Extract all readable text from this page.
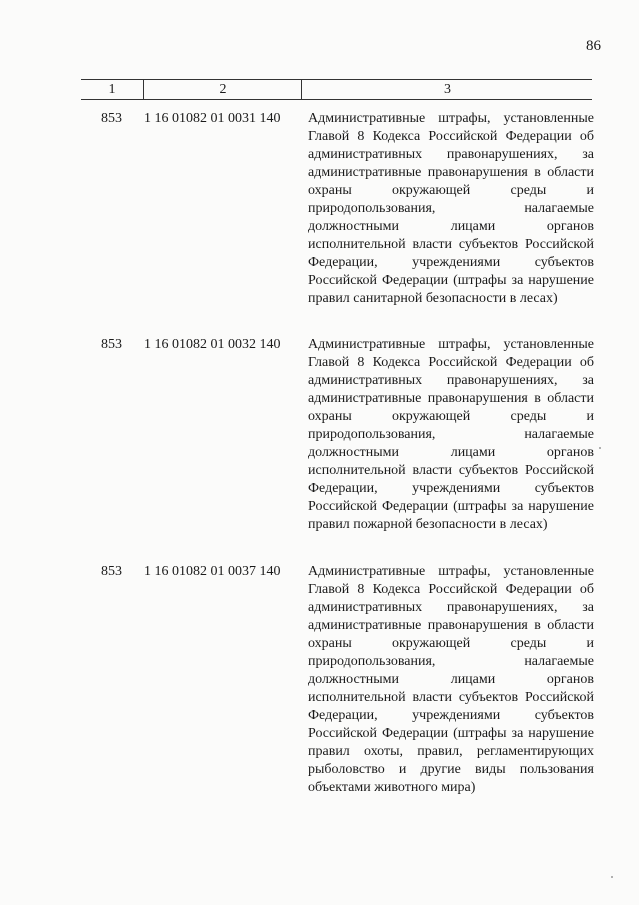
86
1	2	3
853 1 16 01082 01 0031 140 Административные штрафы, установленные Главой 8 Кодекса Российской Федерации об административных правонарушениях, за административные правонарушения в области охраны окружающей среды и природопользования, налагаемые должностными лицами органов исполнительной власти субъектов Российской Федерации, учреждениями субъектов Российской Федерации (штрафы за нарушение правил санитарной безопасности в лесах)
853 1 16 01082 01 0032 140 Административные штрафы, установленные Главой 8 Кодекса Российской Федерации об административных правонарушениях, за административные правонарушения в области охраны окружающей среды и природопользования, налагаемые должностными лицами органов исполнительной власти субъектов Российской Федерации, учреждениями субъектов Российской Федерации (штрафы за нарушение правил пожарной безопасности в лесах)
853 1 16 01082 01 0037 140 Административные штрафы, установленные Главой 8 Кодекса Российской Федерации об административных правонарушениях, за административные правонарушения в области охраны окружающей среды и природопользования, налагаемые должностными лицами органов исполнительной власти субъектов Российской Федерации, учреждениями субъектов Российской Федерации (штрафы за нарушение правил охоты, правил, регламентирующих рыболовство и другие виды пользования объектами животного мира)
